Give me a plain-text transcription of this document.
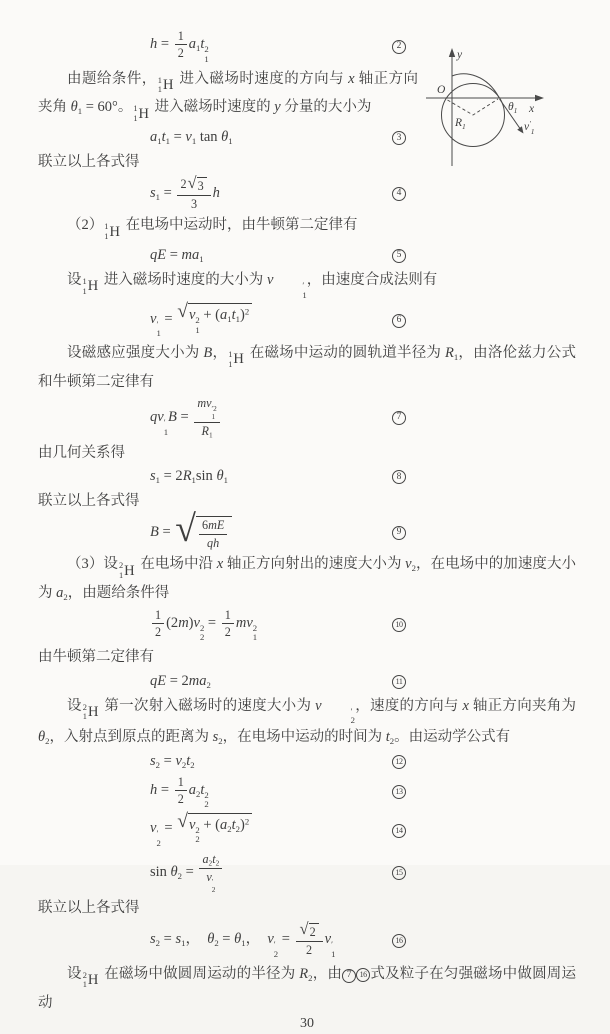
y
x
O
$R_1$
$\theta_1$
$v'_1$
$h = \frac{1}{2} a_1t$ 2
1
2
由题给条件， 1
1 H 进入磁场时速度的方向与 x 轴正方向夹角 $\theta_1 = 60^\circ$。 1
1 H 进入磁场时速度的 y 分量的大小为
$a_1t_1 = v_1$ $\tan \theta_1$	3
联立以上各式得
$s_1 = \frac{2 √ 3}{3}$ h	4
（2） 1
1 H 在电场中运动时，由牛顿第二定律有
qE = $ma_1$	5
设 1
1 H 进入磁场时速度的大小为 v	′
1
，由速度合成法则有
v ′
1
= √ v 2
1
+ $(a_1t_1)^2$
6
设磁感应强度大小为 B， 1
1 H 在磁场中运动的圆轨道半径为 $R_1$，由洛伦兹力公式和牛顿第二定律有
qv ′
1
B = mv ′2
1
$R_1$	7
由几何关系得
$s_1 = 2R_1\sin$ $\theta_1$	8
联立以上各式得
B = √ $\frac{6mE}{qh}$	9
（3）设 2
1 H 在电场中沿 x 轴正方向射出的速度大小为 $v_2$，在电场中的加速度大小为 $a_2$，由题给条件得
$\frac{1}{2} (2m)v$ 2
2
= $\frac{1}{2}$ mv 2
1
10
由牛顿第二定律有
qE = $2ma_2$	11
设 2
1 H 第一次射入磁场时的速度大小为 v	′
2
，速度的方向与 x 轴正方向夹角为 $\theta_2$，入射点到原点的距离为 $s_2$，在电场中运动的时间为 $t_2$。由运动学公式有
$s_2 = v_2t_2$	12
$h = \frac{1}{2} a_2t$ 2
2
13
v ′
2
= √ v 2
2
+ $(a_2t_2)^2$
14
$\sin \theta_2 = a_2t_2$
v ′
2	15
联立以上各式得
$s_2 = s_1$，　$\theta_2 = \theta_1$，　v ′
2
= $\frac{√ 2}{2}$ v ′
1
16
设 2
1 H 在磁场中做圆周运动的半径为 $R_2$，由 7 16 式及粒子在匀强磁场中做圆周运动
30
